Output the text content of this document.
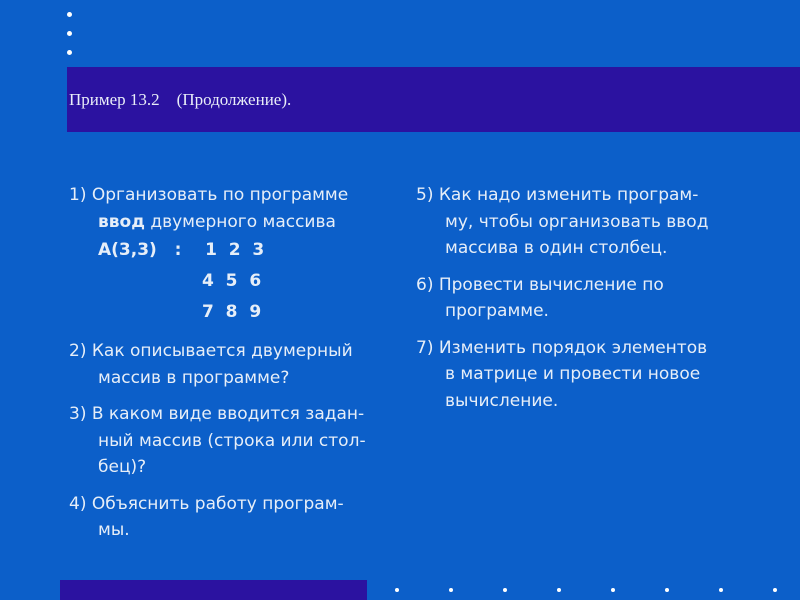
Пример 13.2    (Продолжение).
1) Организовать по программе
ввод двумерного массива
А(3,3)   : 1  2  3
4  5  6
7  8  9
2) Как описывается двумерный
массив в программе?
3) В каком виде вводится задан-
ный массив (строка или стол-
бец)?
4) Объяснить работу програм-
мы.
5) Как надо изменить програм-
му, чтобы организовать ввод
массива в один столбец.
6) Провести вычисление по
программе.
7) Изменить порядок элементов
в матрице и провести новое
вычисление.
